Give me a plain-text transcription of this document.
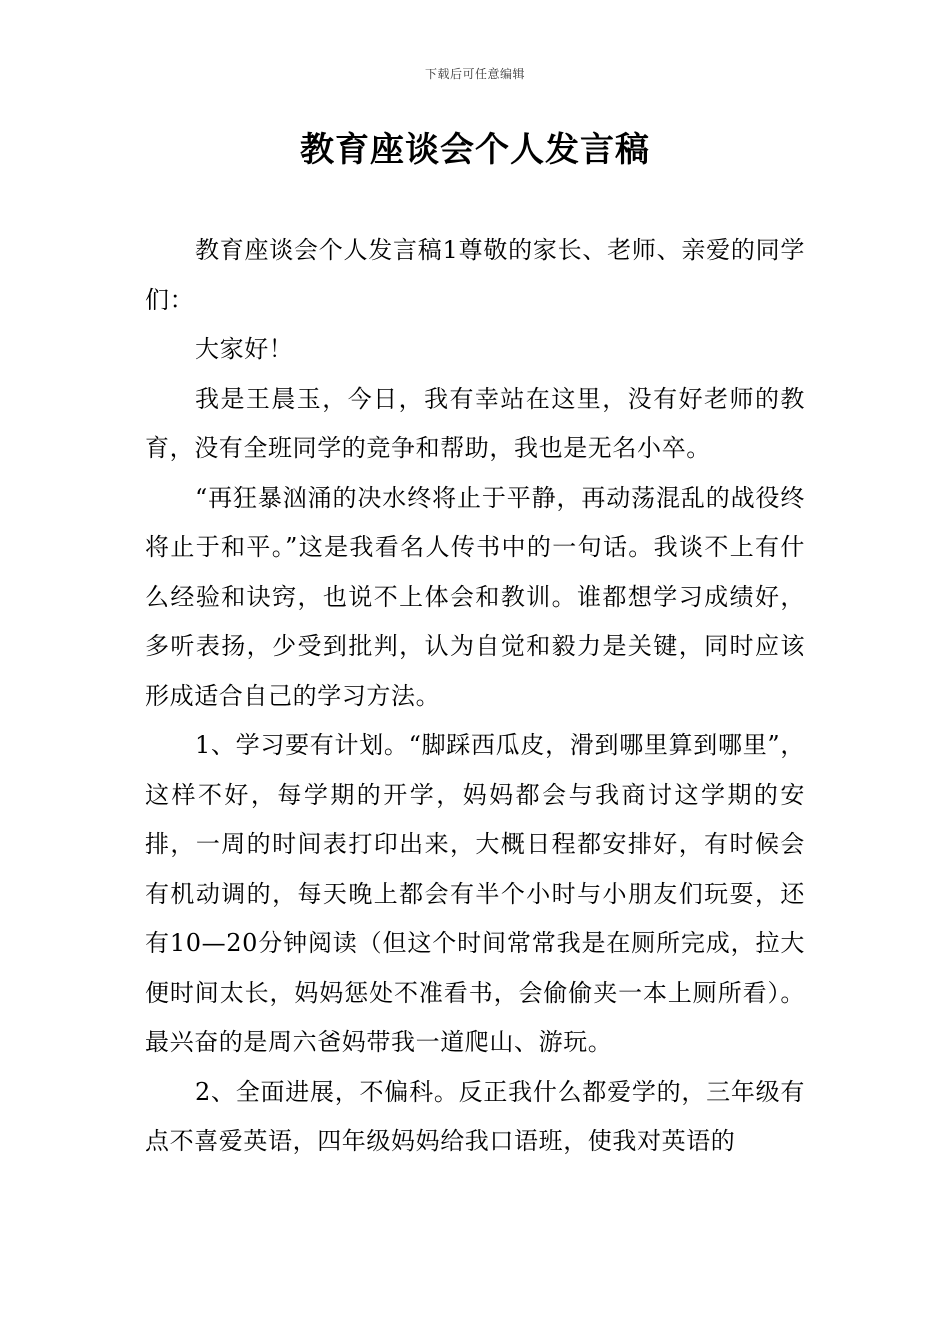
下载后可任意编辑
教育座谈会个人发言稿

教育座谈会个人发言稿1尊敬的家长、老师、亲爱的同学们：

大家好！

我是王晨玉，今日，我有幸站在这里，没有好老师的教育，没有全班同学的竞争和帮助，我也是无名小卒。

“再狂暴汹涌的决水终将止于平静，再动荡混乱的战役终将止于和平。”这是我看名人传书中的一句话。我谈不上有什么经验和诀窍，也说不上体会和教训。谁都想学习成绩好，多听表扬，少受到批判，认为自觉和毅力是关键，同时应该形成适合自己的学习方法。

1、学习要有计划。“脚踩西瓜皮，滑到哪里算到哪里”，这样不好，每学期的开学，妈妈都会与我商讨这学期的安排，一周的时间表打印出来，大概日程都安排好，有时候会有机动调的，每天晚上都会有半个小时与小朋友们玩耍，还有10—20分钟阅读（但这个时间常常我是在厕所完成，拉大便时间太长，妈妈惩处不准看书，会偷偷夹一本上厕所看）。最兴奋的是周六爸妈带我一道爬山、游玩。

2、全面进展，不偏科。反正我什么都爱学的，三年级有点不喜爱英语，四年级妈妈给我口语班，使我对英语的
